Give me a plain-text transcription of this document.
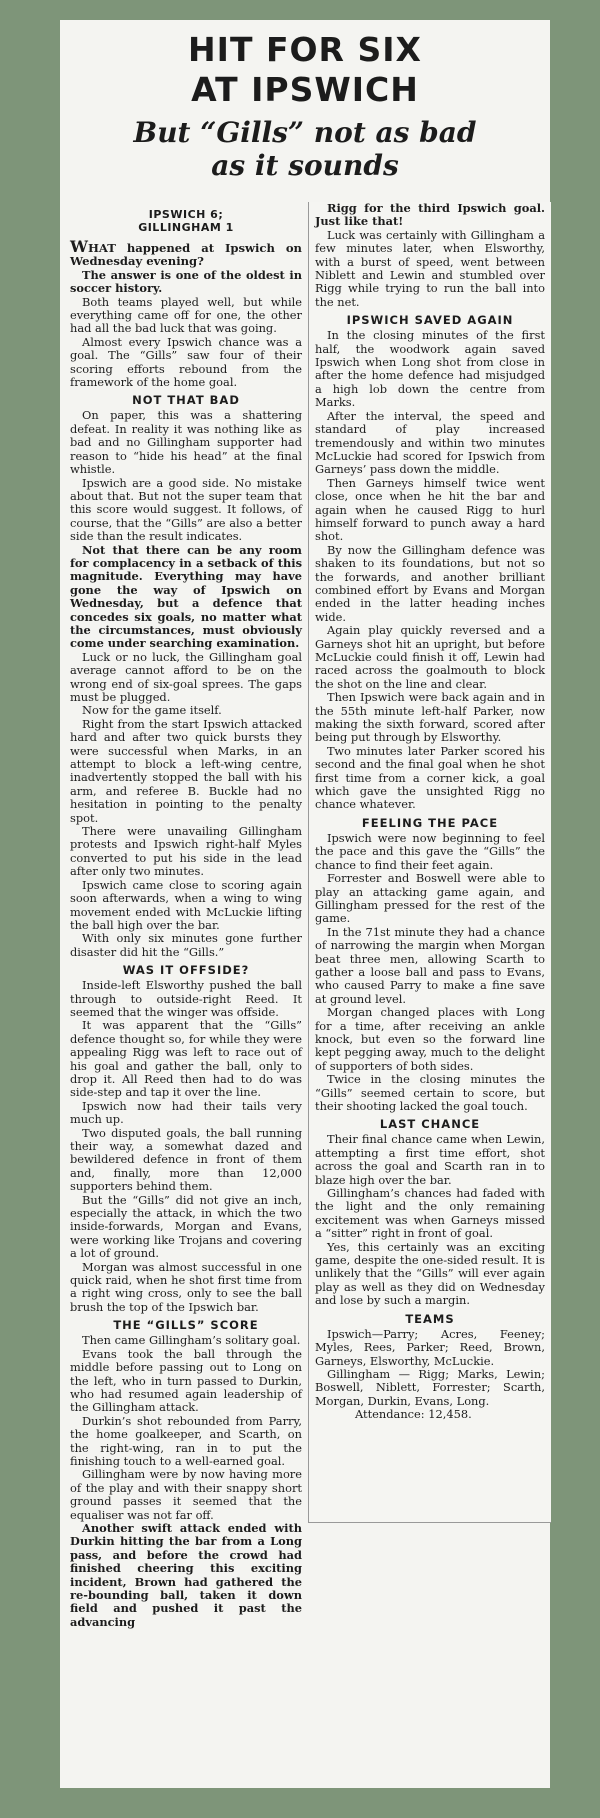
HIT FOR SIX
AT IPSWICH
But “Gills” not as bad
as it sounds
IPSWICH 6;
GILLINGHAM 1

WHAT happened at Ipswich on Wednesday evening?

The answer is one of the oldest in soccer history.

Both teams played well, but while everything came off for one, the other had all the bad luck that was going.

Almost every Ipswich chance was a goal. The “Gills” saw four of their scoring efforts rebound from the framework of the home goal.

NOT THAT BAD

On paper, this was a shattering defeat. In reality it was nothing like as bad and no Gillingham supporter had reason to “hide his head” at the final whistle.

Ipswich are a good side. No mistake about that. But not the super team that this score would suggest. It follows, of course, that the “Gills” are also a better side than the result indicates.

Not that there can be any room for complacency in a setback of this magnitude. Everything may have gone the way of Ipswich on Wednesday, but a defence that concedes six goals, no matter what the circumstances, must obviously come under searching examination.

Luck or no luck, the Gillingham goal average cannot afford to be on the wrong end of six-goal sprees. The gaps must be plugged.

Now for the game itself.

Right from the start Ipswich attacked hard and after two quick bursts they were successful when Marks, in an attempt to block a left-wing centre, inadvertently stopped the ball with his arm, and referee B. Buckle had no hesitation in pointing to the penalty spot.

There were unavailing Gillingham protests and Ipswich right-half Myles converted to put his side in the lead after only two minutes.

Ipswich came close to scoring again soon afterwards, when a wing to wing movement ended with McLuckie lifting the ball high over the bar.

With only six minutes gone further disaster did hit the “Gills.”

WAS IT OFFSIDE?

Inside-left Elsworthy pushed the ball through to outside-right Reed. It seemed that the winger was offside.

It was apparent that the “Gills” defence thought so, for while they were appealing Rigg was left to race out of his goal and gather the ball, only to drop it. All Reed then had to do was side-step and tap it over the line.

Ipswich now had their tails very much up.

Two disputed goals, the ball running their way, a somewhat dazed and bewildered defence in front of them and, finally, more than 12,000 supporters behind them.

But the “Gills” did not give an inch, especially the attack, in which the two inside-forwards, Morgan and Evans, were working like Trojans and covering a lot of ground.

Morgan was almost successful in one quick raid, when he shot first time from a right wing cross, only to see the ball brush the top of the Ipswich bar.

THE “GILLS” SCORE

Then came Gillingham’s solitary goal.

Evans took the ball through the middle before passing out to Long on the left, who in turn passed to Durkin, who had resumed again leadership of the Gillingham attack.

Durkin’s shot rebounded from Parry, the home goalkeeper, and Scarth, on the right-wing, ran in to put the finishing touch to a well-earned goal.

Gillingham were by now having more of the play and with their snappy short ground passes it seemed that the equaliser was not far off.

Another swift attack ended with Durkin hitting the bar from a Long pass, and before the crowd had finished cheering this exciting incident, Brown had gathered the re-bounding ball, taken it down field and pushed it past the advancing

Rigg for the third Ipswich goal. Just like that!

Luck was certainly with Gillingham a few minutes later, when Elsworthy, with a burst of speed, went between Niblett and Lewin and stumbled over Rigg while trying to run the ball into the net.

IPSWICH SAVED AGAIN

In the closing minutes of the first half, the woodwork again saved Ipswich when Long shot from close in after the home defence had misjudged a high lob down the centre from Marks.

After the interval, the speed and standard of play increased tremendously and within two minutes McLuckie had scored for Ipswich from Garneys’ pass down the middle.

Then Garneys himself twice went close, once when he hit the bar and again when he caused Rigg to hurl himself forward to punch away a hard shot.

By now the Gillingham defence was shaken to its foundations, but not so the forwards, and another brilliant combined effort by Evans and Morgan ended in the latter heading inches wide.

Again play quickly reversed and a Garneys shot hit an upright, but before McLuckie could finish it off, Lewin had raced across the goalmouth to block the shot on the line and clear.

Then Ipswich were back again and in the 55th minute left-half Parker, now making the sixth forward, scored after being put through by Elsworthy.

Two minutes later Parker scored his second and the final goal when he shot first time from a corner kick, a goal which gave the unsighted Rigg no chance whatever.

FEELING THE PACE

Ipswich were now beginning to feel the pace and this gave the “Gills” the chance to find their feet again.

Forrester and Boswell were able to play an attacking game again, and Gillingham pressed for the rest of the game.

In the 71st minute they had a chance of narrowing the margin when Morgan beat three men, allowing Scarth to gather a loose ball and pass to Evans, who caused Parry to make a fine save at ground level.

Morgan changed places with Long for a time, after receiving an ankle knock, but even so the forward line kept pegging away, much to the delight of supporters of both sides.

Twice in the closing minutes the “Gills” seemed certain to score, but their shooting lacked the goal touch.

LAST CHANCE

Their final chance came when Lewin, attempting a first time effort, shot across the goal and Scarth ran in to blaze high over the bar.

Gillingham’s chances had faded with the light and the only remaining excitement was when Garneys missed a “sitter” right in front of goal.

Yes, this certainly was an exciting game, despite the one-sided result. It is unlikely that the “Gills” will ever again play as well as they did on Wednesday and lose by such a margin.

TEAMS

Ipswich—Parry; Acres, Feeney; Myles, Rees, Parker; Reed, Brown, Garneys, Elsworthy, McLuckie.

Gillingham — Rigg; Marks, Lewin; Boswell, Niblett, Forrester; Scarth, Morgan, Durkin, Evans, Long.

Attendance: 12,458.
